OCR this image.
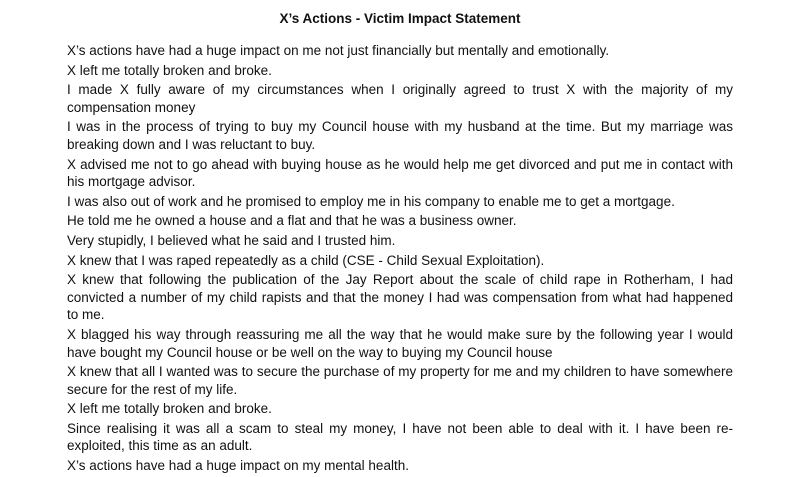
X’s Actions - Victim Impact Statement

X’s actions have had a huge impact on me not just financially but mentally and emotionally.

X left me totally broken and broke.

I made X fully aware of my circumstances when I originally agreed to trust X with the majority of my compensation money

I was in the process of trying to buy my Council house with my husband at the time. But my marriage was breaking down and I was reluctant to buy.

X advised me not to go ahead with buying house as he would help me get divorced and put me in contact with his mortgage advisor.

I was also out of work and he promised to employ me in his company to enable me to get a mortgage.

He told me he owned a house and a flat and that he was a business owner.

Very stupidly, I believed what he said and I trusted him.

X knew that I was raped repeatedly as a child (CSE - Child Sexual Exploitation).

X knew that following the publication of the Jay Report about the scale of child rape in Rotherham, I had convicted a number of my child rapists and that the money I had was compensation from what had happened to me.

X blagged his way through reassuring me all the way that he would make sure by the following year I would have bought my Council house or be well on the way to buying my Council house

X knew that all I wanted was to secure the purchase of my property for me and my children to have somewhere secure for the rest of my life.

X left me totally broken and broke.

Since realising it was all a scam to steal my money, I have not been able to deal with it. I have been re-exploited, this time as an adult.

X’s actions have had a huge impact on my mental health.
